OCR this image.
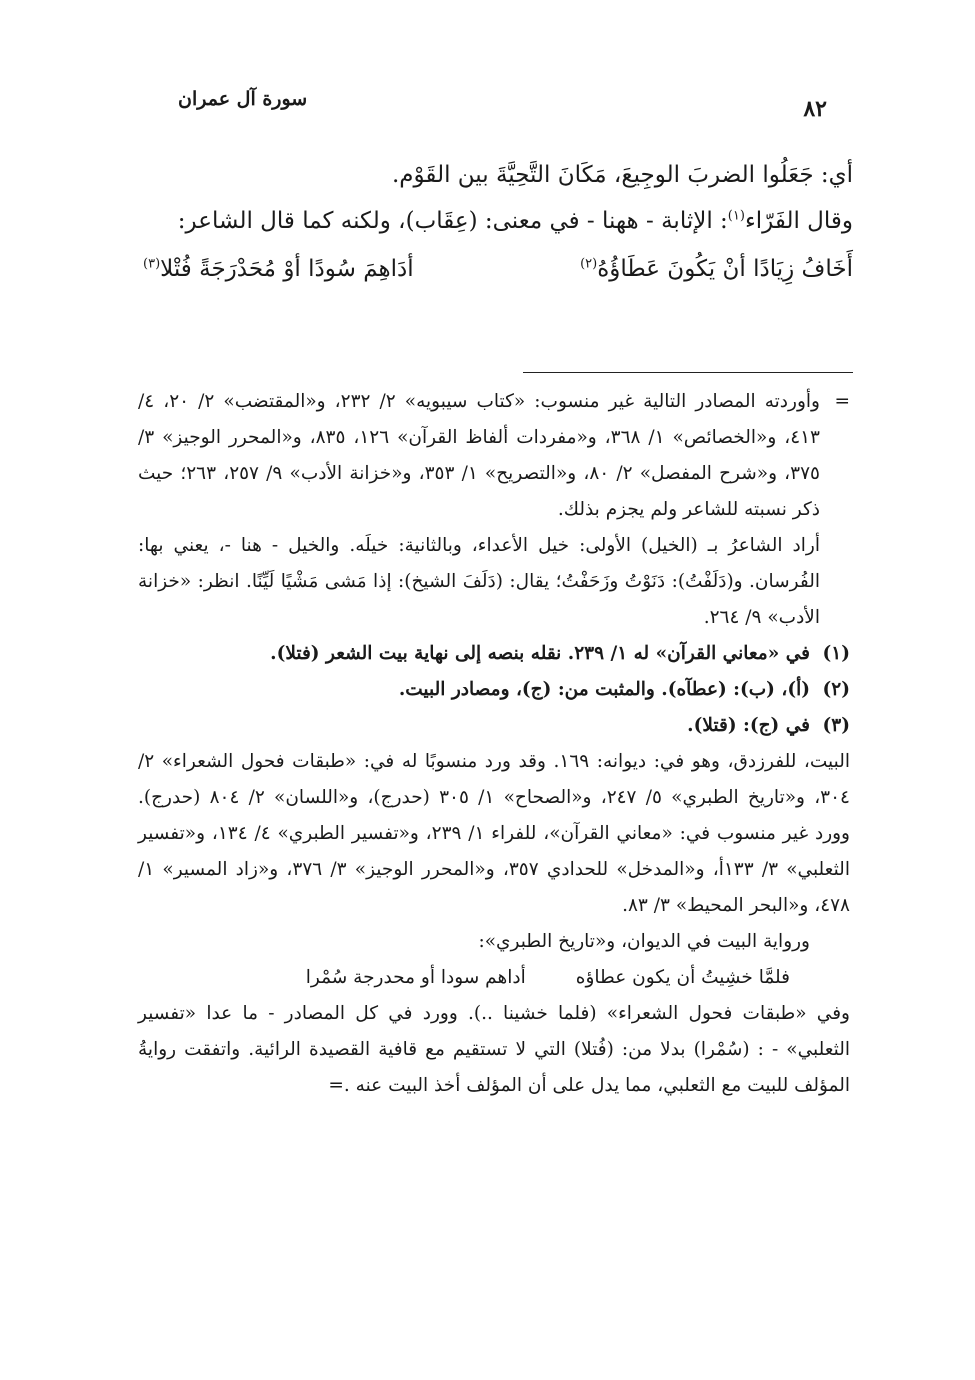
سورة آل عمران	٨٢

أي: جَعَلُوا الضربَ الوجِيعَ، مَكَانَ التَّحِيَّةَ بين القَوْم.

وقال الفَرّاء$^{(١)}$: الإثابة - ههنا - في معنى: (عِقَاب)، ولكنه كما قال الشاعر:

أَخَافُ زِيَادًا أنْ يَكُونَ عَطَاؤُهُ$^{(٢)}$
أدَاهِمَ سُودًا أوْ مُحَدْرَجَةً فُتْلا$^{(٣)}$

=
وأوردته المصادر التالية غير منسوب: «كتاب سيبويه» ٢/ ٢٣٢، و«المقتضب» ٢/ ٢٠، ٤/ ٤١٣، و«الخصائص» ١/ ٣٦٨، و«مفردات ألفاظ القرآن» ١٢٦، ٨٣٥، و«المحرر الوجيز» ٣/ ٣٧٥، و«شرح المفصل» ٢/ ٨٠، و«التصريح» ١/ ٣٥٣، و«خزانة الأدب» ٩/ ٢٥٧، ٢٦٣؛ حيث ذكر نسبته للشاعر ولم يجزم بذلك.

أراد الشاعرُ بـ (الخيل) الأولى: خيل الأعداء، وبالثانية: خيلَه. والخيل - هنا -، يعني بها: الفُرسان. و(دَلَفْتُ): دَنَوْتُ وزَحَفْتُ؛ يقال: (دَلَفَ الشيخ): إذا مَشى مَشْيًا لَيِّنًا. انظر: «خزانة الأدب» ٩/ ٢٦٤.

(١)
في «معاني القرآن» له ١/ ٢٣٩. نقله بنصه إلى نهاية بيت الشعر (فتلا).

(٢)
(أ)، (ب): (عطآه). والمثبت من: (ج)، ومصادر البيت.

(٣)
في (ج): (قتلا).

البيت، للفرزدق، وهو في: ديوانه: ١٦٩. وقد ورد منسوبًا له في: «طبقات فحول الشعراء» ٢/ ٣٠٤، و«تاريخ الطبري» ٥/ ٢٤٧، و«الصحاح» ١/ ٣٠٥ (حدرج)، و«اللسان» ٢/ ٨٠٤ (حدرج). وورد غير منسوب في: «معاني القرآن»، للفراء ١/ ٢٣٩، و«تفسير الطبري» ٤/ ١٣٤، و«تفسير الثعلبي» ٣/ ١٣٣أ، و«المدخل» للحدادي ٣٥٧، و«المحرر الوجيز» ٣/ ٣٧٦، و«زاد المسير» ١/ ٤٧٨، و«البحر المحيط» ٣/ ٨٣.

ورواية البيت في الديوان، و«تاريخ الطبري»:

فلمَّا خشِيتُ أن يكون عطاؤه
أداهم سودا أو محدرجة سُمْرا

وفي «طبقات فحول الشعراء» (فلما خشينا ..). وورد في كل المصادر - ما عدا «تفسير الثعلبي» - : (سُمْرا) بدلا من: (فُتلا) التي لا تستقيم مع قافية القصيدة الرائية. واتفقت روايةُ المؤلف للبيت مع الثعلبي، مما يدل على أن المؤلف أخذ البيت عنه .=
